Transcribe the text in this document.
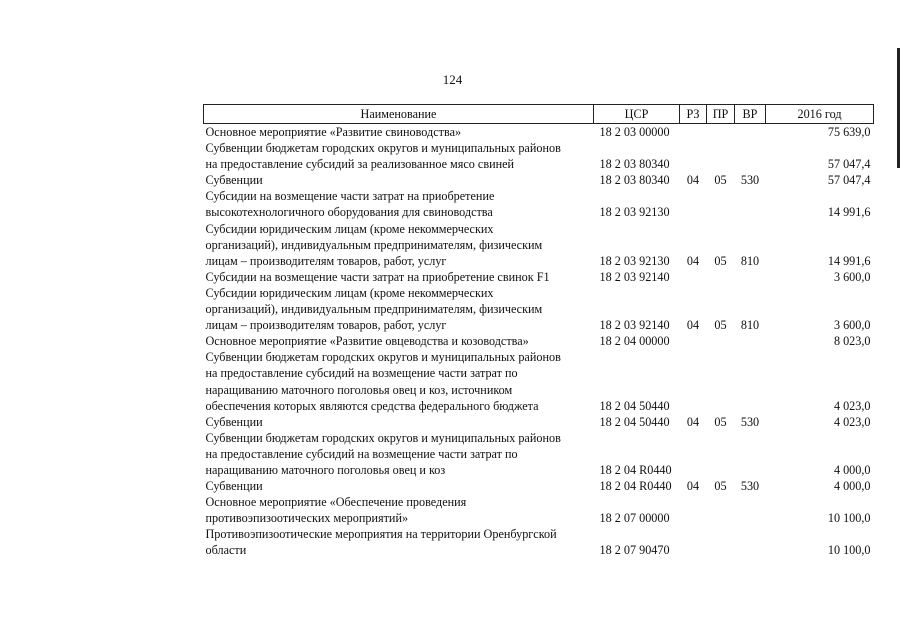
124
Наименование	ЦСР	РЗ	ПР	ВР	2016 год
Основное мероприятие «Развитие свиноводства»	18 2 03 00000				75 639,0
Субвенции бюджетам городских округов и муниципальных районов
на предоставление субсидий за реализованное мясо свиней	18 2 03 80340				57 047,4
Субвенции	18 2 03 80340	04	05	530	57 047,4
Субсидии на возмещение части затрат на приобретение
высокотехнологичного оборудования для свиноводства	18 2 03 92130				14 991,6
Субсидии юридическим лицам (кроме некоммерческих
организаций), индивидуальным предпринимателям, физическим
лицам – производителям товаров, работ, услуг	18 2 03 92130	04	05	810	14 991,6
Субсидии на возмещение части затрат на приобретение свинок F1	18 2 03 92140				3 600,0
Субсидии юридическим лицам (кроме некоммерческих
организаций), индивидуальным предпринимателям, физическим
лицам – производителям товаров, работ, услуг	18 2 03 92140	04	05	810	3 600,0
Основное мероприятие «Развитие овцеводства и козоводства»	18 2 04 00000				8 023,0
Субвенции бюджетам городских округов и муниципальных районов
на предоставление субсидий на возмещение части затрат по
наращиванию маточного поголовья овец и коз, источником
обеспечения которых являются средства федерального бюджета	18 2 04 50440				4 023,0
Субвенции	18 2 04 50440	04	05	530	4 023,0
Субвенции бюджетам городских округов и муниципальных районов
на предоставление субсидий на возмещение части затрат по
наращиванию маточного поголовья овец и коз	18 2 04 R0440				4 000,0
Субвенции	18 2 04 R0440	04	05	530	4 000,0
Основное мероприятие «Обеспечение проведения
противоэпизоотических мероприятий»	18 2 07 00000				10 100,0
Противоэпизоотические мероприятия на территории Оренбургской
области	18 2 07 90470				10 100,0
